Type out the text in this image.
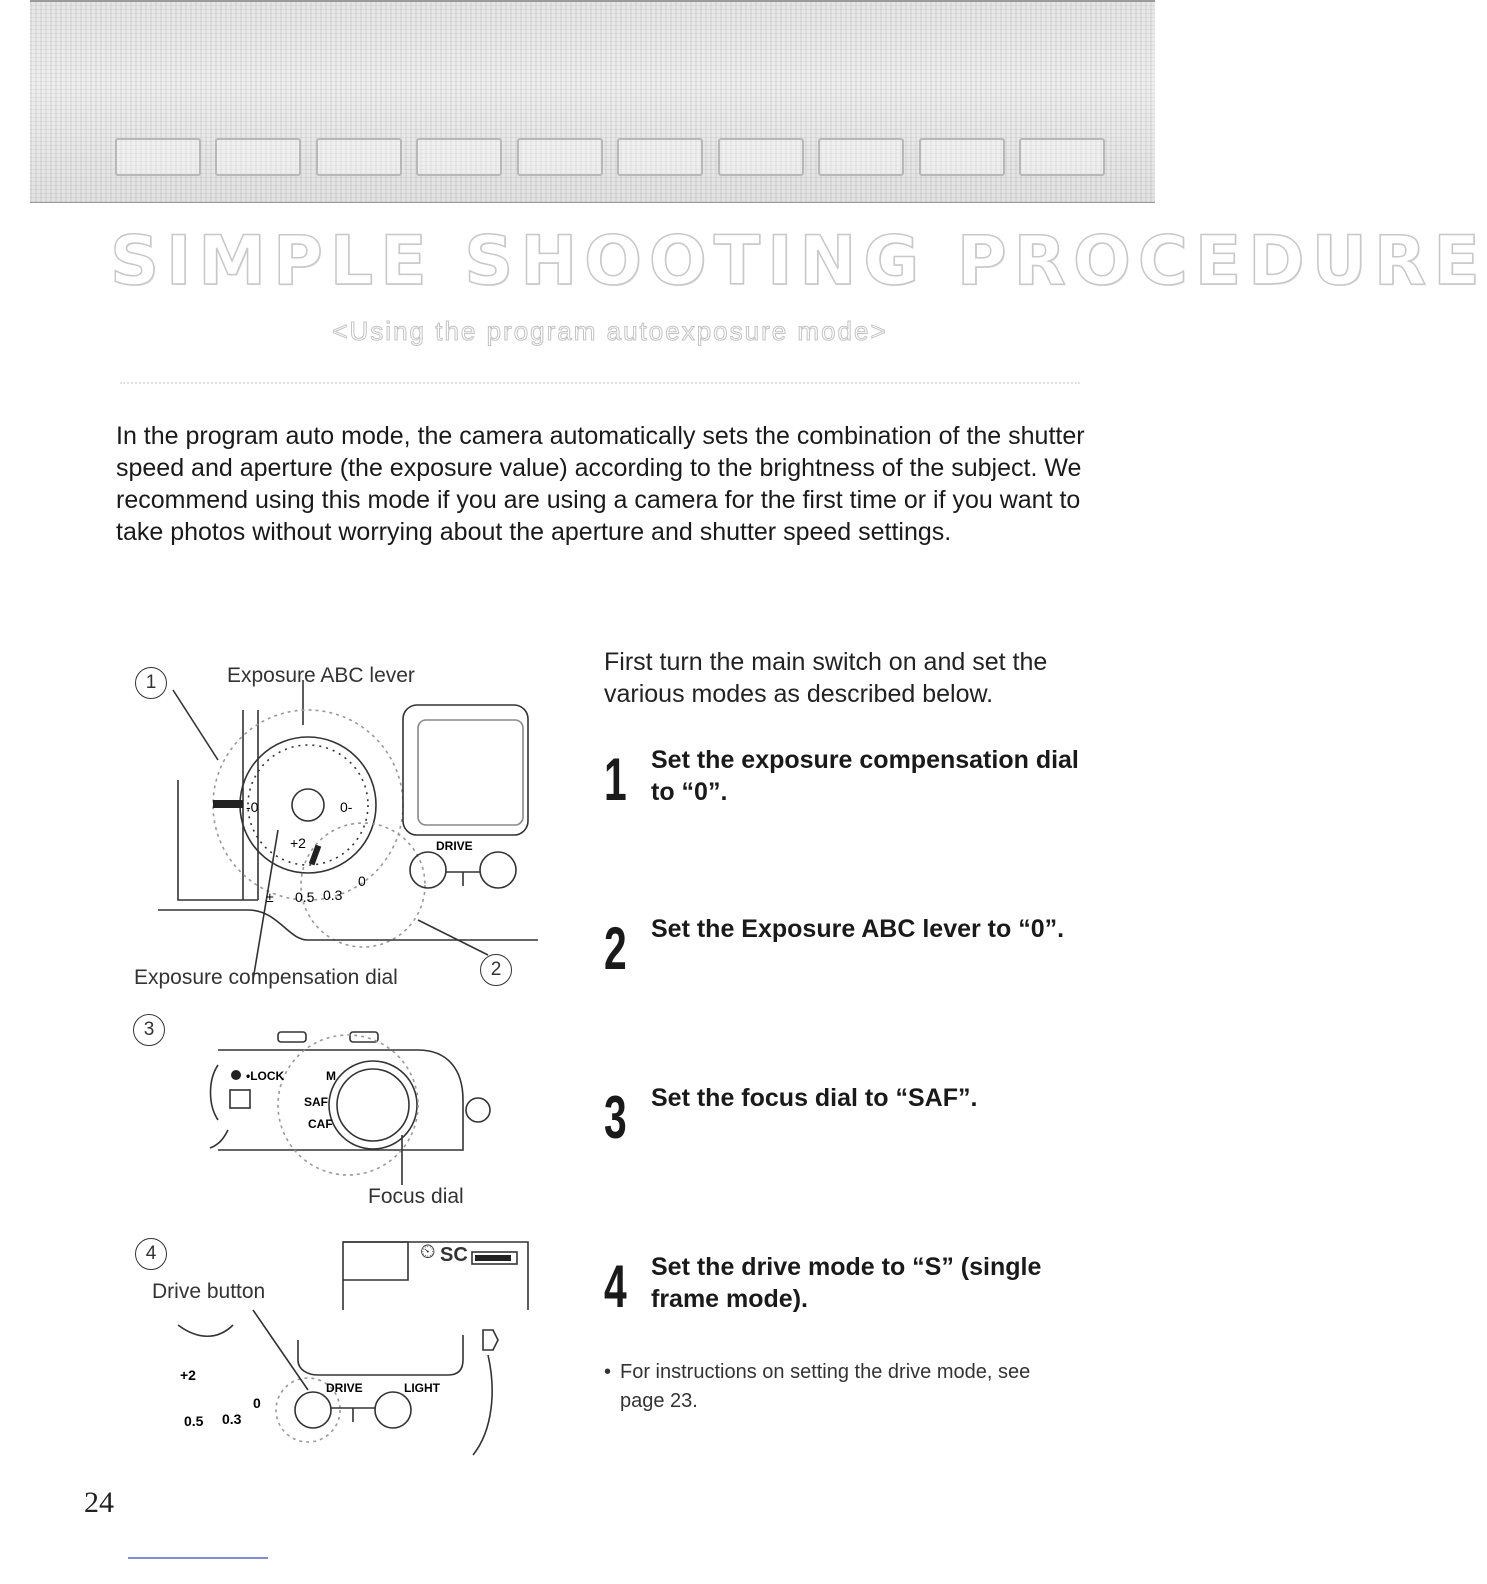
SIMPLE SHOOTING PROCEDURE
<Using the program autoexposure mode>

In the program auto mode, the camera automatically sets the combination of the shutter speed and aperture (the exposure value) according to the brightness of the subject. We recommend using this mode if you are using a camera for the first time or if you want to take photos without worrying about the aperture and shutter speed settings.

-0	0-
+2
± 0.5 0.3
0
DRIVE
1	Exposure ABC lever
Exposure compensation dial	2
•LOCK	M
SAF
CAF
3
Focus dial
⏲ SC
+2
0.5 0.3
0
DRIVE	LIGHT
4
Drive button

First turn the main switch on and set the various modes as described below.

1 Set the exposure compensation dial to “0”.
2 Set the Exposure ABC lever to “0”.
3 Set the focus dial to “SAF”.
4 Set the drive mode to “S” (single frame mode).
• For instructions on setting the drive mode, see page 23.
24
